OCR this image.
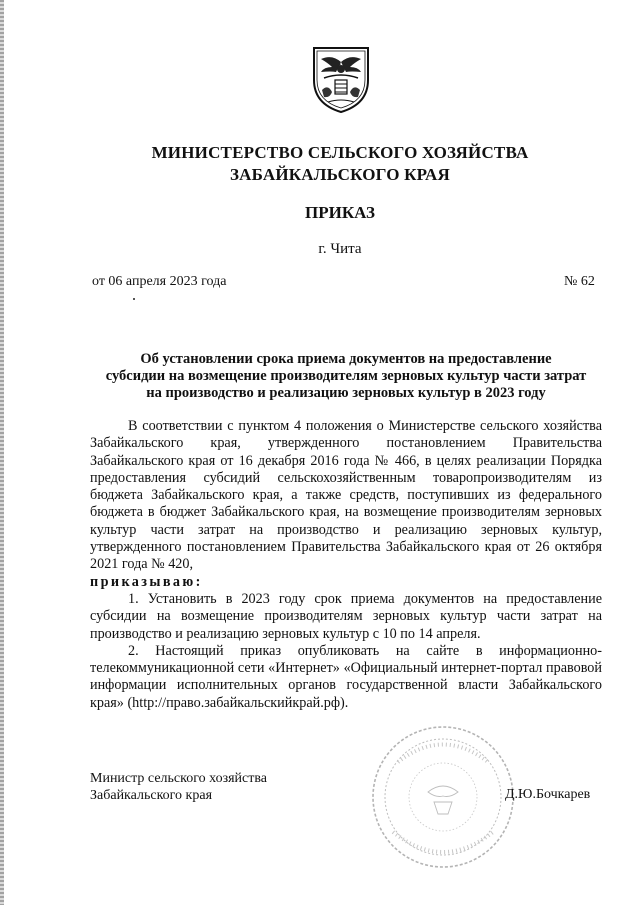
МИНИСТЕРСТВО СЕЛЬСКОГО ХОЗЯЙСТВА
ЗАБАЙКАЛЬСКОГО КРАЯ
ПРИКАЗ
г. Чита
от 06 апреля 2023 года	№ 62
Об установлении срока приема документов на предоставление
субсидии на возмещение производителям зерновых культур части затрат
на производство и реализацию зерновых культур в 2023 году

В соответствии с пунктом 4 положения о Министерстве сельского хозяйства Забайкальского края, утвержденного постановлением Правительства Забайкальского края от 16 декабря 2016 года № 466, в целях реализации Порядка предоставления субсидий сельскохозяйственным товаропроизводителям из бюджета Забайкальского края, а также средств, поступивших из федерального бюджета в бюджет Забайкальского края, на возмещение производителям зерновых культур части затрат на производство и реализацию зерновых культур, утвержденного постановлением Правительства Забайкальского края от 26 октября 2021 года № 420,
приказываю:

1. Установить в 2023 году срок приема документов на предоставление субсидии на возмещение производителям зерновых культур части затрат на производство и реализацию зерновых культур с 10 по 14 апреля.

2. Настоящий приказ опубликовать на сайте в информационно-телекоммуникационной сети «Интернет» «Официальный интернет-портал правовой информации исполнительных органов государственной власти Забайкальского края» (http://право.забайкальскийкрай.рф).

Министр сельского хозяйства
Забайкальского края	Д.Ю.Бочкарев
